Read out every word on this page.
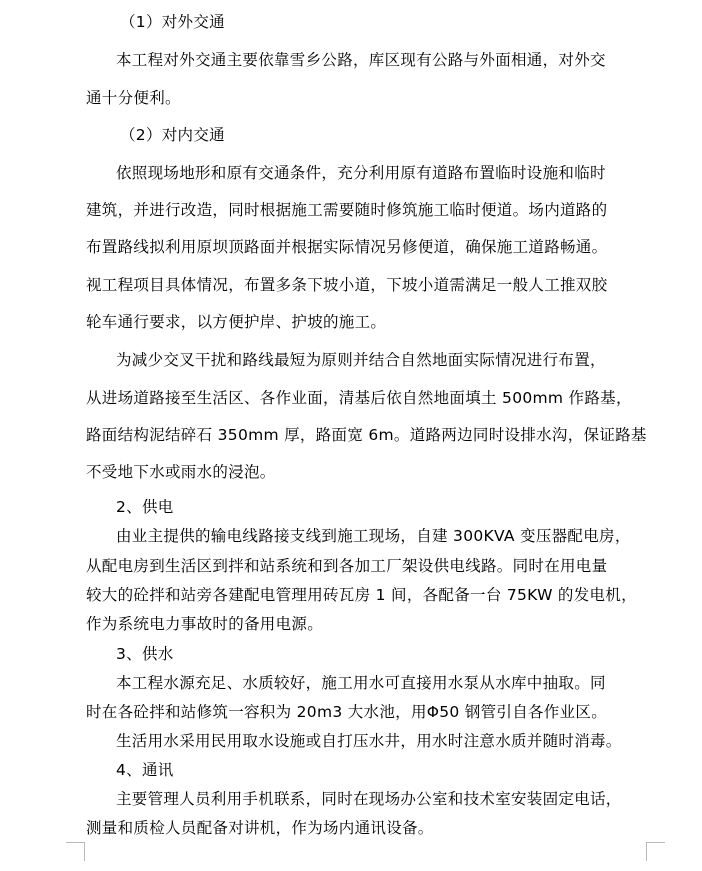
（1）对外交通
本工程对外交通主要依靠雪乡公路，库区现有公路与外面相通，对外交
通十分便利。
（2）对内交通
依照现场地形和原有交通条件，充分利用原有道路布置临时设施和临时
建筑，并进行改造，同时根据施工需要随时修筑施工临时便道。场内道路的
布置路线拟利用原坝顶路面并根据实际情况另修便道，确保施工道路畅通。
视工程项目具体情况，布置多条下坡小道，下坡小道需满足一般人工推双胶
轮车通行要求，以方便护岸、护坡的施工。
为减少交叉干扰和路线最短为原则并结合自然地面实际情况进行布置，
从进场道路接至生活区、各作业面，清基后依自然地面填土 500mm 作路基，
路面结构泥结碎石 350mm 厚，路面宽 6m。道路两边同时设排水沟，保证路基
不受地下水或雨水的浸泡。
2、供电
由业主提供的输电线路接支线到施工现场，自建 300KVA 变压器配电房，
从配电房到生活区到拌和站系统和到各加工厂架设供电线路。同时在用电量
较大的砼拌和站旁各建配电管理用砖瓦房 1 间，各配备一台 75KW 的发电机，
作为系统电力事故时的备用电源。
3、供水
本工程水源充足、水质较好，施工用水可直接用水泵从水库中抽取。同
时在各砼拌和站修筑一容积为 20m3 大水池，用Φ50 钢管引自各作业区。
生活用水采用民用取水设施或自打压水井，用水时注意水质并随时消毒。
4、通讯
主要管理人员利用手机联系，同时在现场办公室和技术室安装固定电话，
测量和质检人员配备对讲机，作为场内通讯设备。
